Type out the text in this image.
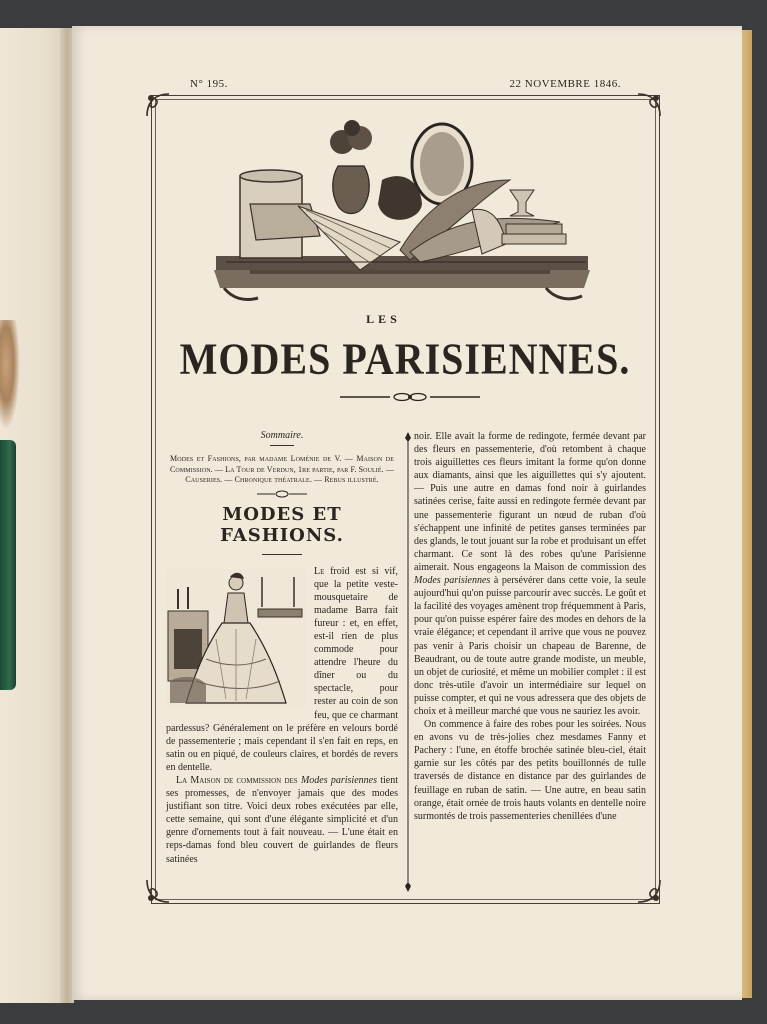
N° 195.	22 NOVEMBRE 1846.
LES
MODES PARISIENNES.
Sommaire.
Modes et Fashions, par madame Loménie de V. — Maison de Commission. — La Tour de Verdun, 1re partie, par F. Soulié. — Causeries. — Chronique théatrale. — Rebus illustré.
MODES ET FASHIONS.

Le froid est si vif, que la petite veste-mousquetaire de madame Barra fait fureur : et, en effet, est-il rien de plus commode pour attendre l'heure du dîner ou du spectacle, pour rester au coin de son feu, que ce charmant pardessus? Généralement on le préfère en velours bordé de passementerie ; mais cependant il s'en fait en reps, en satin ou en piqué, de couleurs claires, et bordés de revers en dentelle.

La Maison de commission des Modes parisiennes tient ses promesses, de n'envoyer jamais que des modes justifiant son titre. Voici deux robes exécutées par elle, cette semaine, qui sont d'une élégante simplicité et d'un genre d'ornements tout à fait nouveau. — L'une était en reps-damas fond bleu couvert de guirlandes de fleurs satinées

noir. Elle avait la forme de redingote, fermée devant par des fleurs en passementerie, d'où retombent à chaque trois aiguillettes ces fleurs imitant la forme qu'on donne aux diamants, ainsi que les aiguillettes qui s'y ajoutent. — Puis une autre en damas fond noir à guirlandes satinées cerise, faite aussi en redingote fermée devant par une passementerie figurant un nœud de ruban d'où s'échappent une infinité de petites ganses terminées par des glands, le tout jouant sur la robe et produisant un effet charmant. Ce sont là des robes qu'une Parisienne aimerait. Nous engageons la Maison de commission des Modes parisiennes à persévérer dans cette voie, la seule aujourd'hui qu'on puisse parcourir avec succès. Le goût et la facilité des voyages amènent trop fréquemment à Paris, pour qu'on puisse espérer faire des modes en dehors de la vraie élégance; et cependant il arrive que vous ne pouvez pas venir à Paris choisir un chapeau de Barenne, de Beaudrant, ou de toute autre grande modiste, un meuble, un objet de curiosité, et même un mobilier complet : il est donc très-utile d'avoir un intermédiaire sur lequel on puisse compter, et qui ne vous adressera que des objets de choix et à meilleur marché que vous ne sauriez les avoir.

On commence à faire des robes pour les soirées. Nous en avons vu de très-jolies chez mesdames Fanny et Pachery : l'une, en étoffe brochée satinée bleu-ciel, était garnie sur les côtés par des petits bouillonnés de tulle traversés de distance en distance par des guirlandes de feuillage en ruban de satin. — Une autre, en beau satin orange, était ornée de trois hauts volants en dentelle noire surmontés de trois passementeries chenillées d'une
